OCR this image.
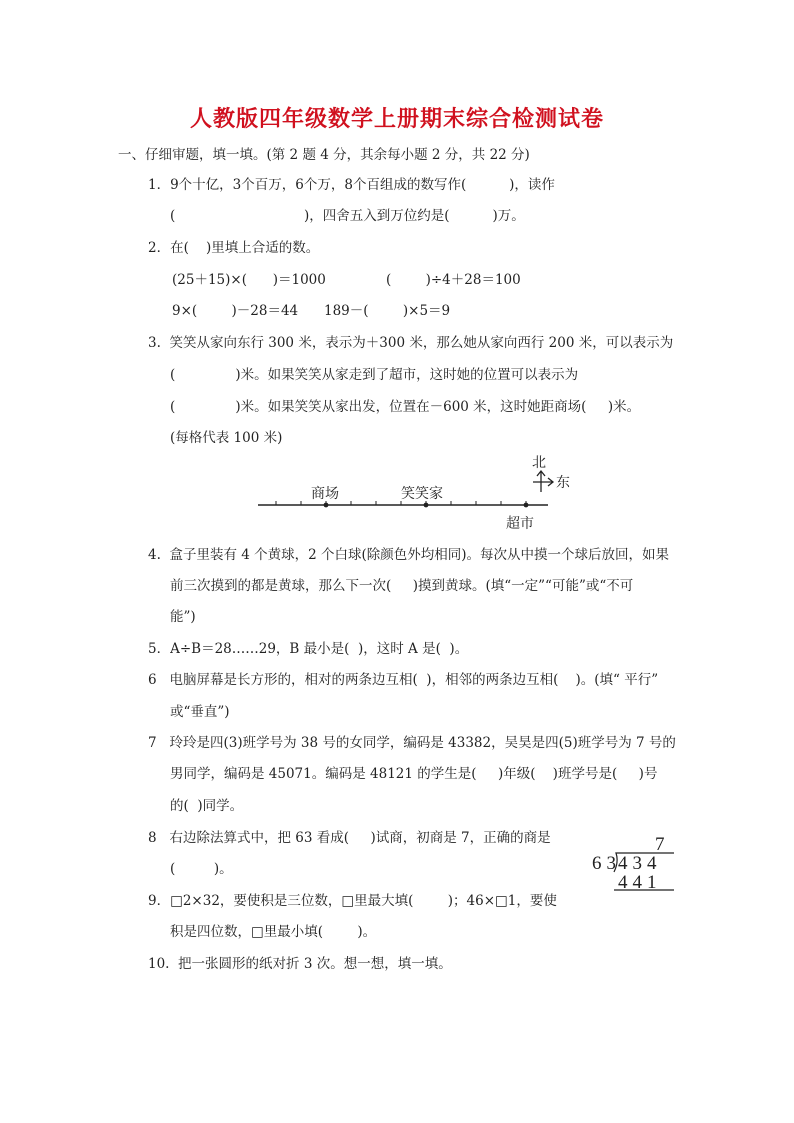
人教版四年级数学上册期末综合检测试卷
一、仔细审题，填一填。(第 2 题 4 分，其余每小题 2 分，共 22 分)
1．9个十亿，3个百万，6个万，8个百组成的数写作(          )，读作
(                              )，四舍五入到万位约是(          )万。
2．在(    )里填上合适的数。
(25＋15)×(      )＝1000	(        )÷4＋28＝100
9×(        )－28＝44 189－(        )×5＝9
3.  笑笑从家向东行 300 米，表示为＋300 米，那么她从家向西行 200 米，可以表示为
(              )米。如果笑笑从家走到了超市，这时她的位置可以表示为
(              )米。如果笑笑从家出发，位置在－600 米，这时她距商场(     )米。
(每格代表 100 米)
商场	笑笑家
超市
北
东
4.  盒子里装有 4 个黄球，2 个白球(除颜色外均相同)。每次从中摸一个球后放回，如果
前三次摸到的都是黄球，那么下一次(     )摸到黄球。(填“一定”“可能”或“不可
能”)
5．A÷B＝28……29，B 最小是(  )，这时 A 是(  )。
6   电脑屏幕是长方形的，相对的两条边互相(  )，相邻的两条边互相(    )。(填“ 平行”
或“垂直”)
7   玲玲是四(3)班学号为 38 号的女同学，编码是 43382，吴昊是四(5)班学号为 7 号的
男同学，编码是 45071。编码是 48121 的学生是(     )年级(    )班学号是(     )号
的(  )同学。
8   右边除法算式中，把 63 看成(     )试商，初商是 7，正确的商是
(         )。
7
63
434
441
9．□2×32，要使积是三位数，□里最大填(        )；46×□1，要使
积是四位数，□里最小填(        )。
10.  把一张圆形的纸对折 3 次。想一想，填一填。
